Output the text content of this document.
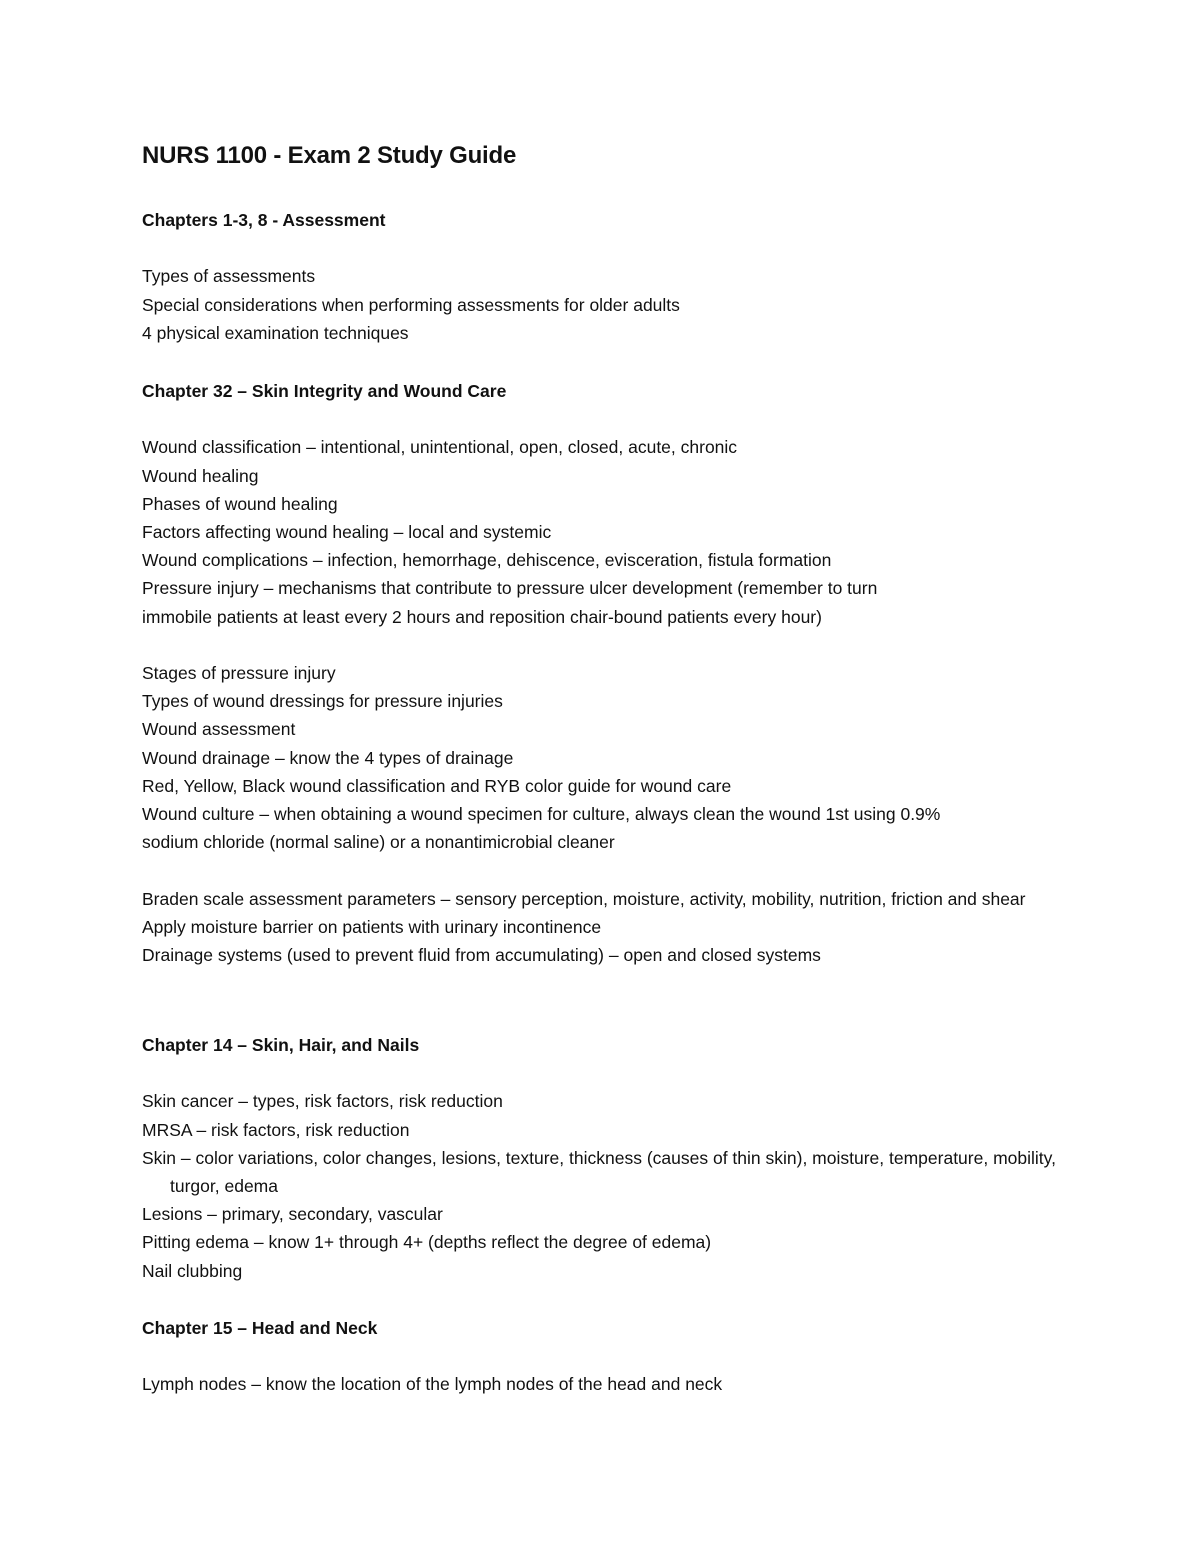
NURS 1100 - Exam 2 Study Guide
Chapters 1-3, 8 - Assessment
Types of assessments
Special considerations when performing assessments for older adults
4 physical examination techniques
Chapter 32 – Skin Integrity and Wound Care
Wound classification – intentional, unintentional, open, closed, acute, chronic
Wound healing
Phases of wound healing
Factors affecting wound healing – local and systemic
Wound complications – infection, hemorrhage, dehiscence, evisceration, fistula formation
Pressure injury – mechanisms that contribute to pressure ulcer development (remember to turn
immobile patients at least every 2 hours and reposition chair-bound patients every hour)
Stages of pressure injury
Types of wound dressings for pressure injuries
Wound assessment
Wound drainage – know the 4 types of drainage
Red, Yellow, Black wound classification and RYB color guide for wound care
Wound culture – when obtaining a wound specimen for culture, always clean the wound 1st using 0.9%
sodium chloride (normal saline) or a nonantimicrobial cleaner
Braden scale assessment parameters – sensory perception, moisture, activity, mobility, nutrition, friction and shear
Apply moisture barrier on patients with urinary incontinence
Drainage systems (used to prevent fluid from accumulating) – open and closed systems
Chapter 14 – Skin, Hair, and Nails
Skin cancer – types, risk factors, risk reduction
MRSA – risk factors, risk reduction
Skin – color variations, color changes, lesions, texture, thickness (causes of thin skin), moisture, temperature, mobility, turgor, edema
Lesions – primary, secondary, vascular
Pitting edema – know 1+ through 4+ (depths reflect the degree of edema)
Nail clubbing
Chapter 15 – Head and Neck
Lymph nodes – know the location of the lymph nodes of the head and neck
